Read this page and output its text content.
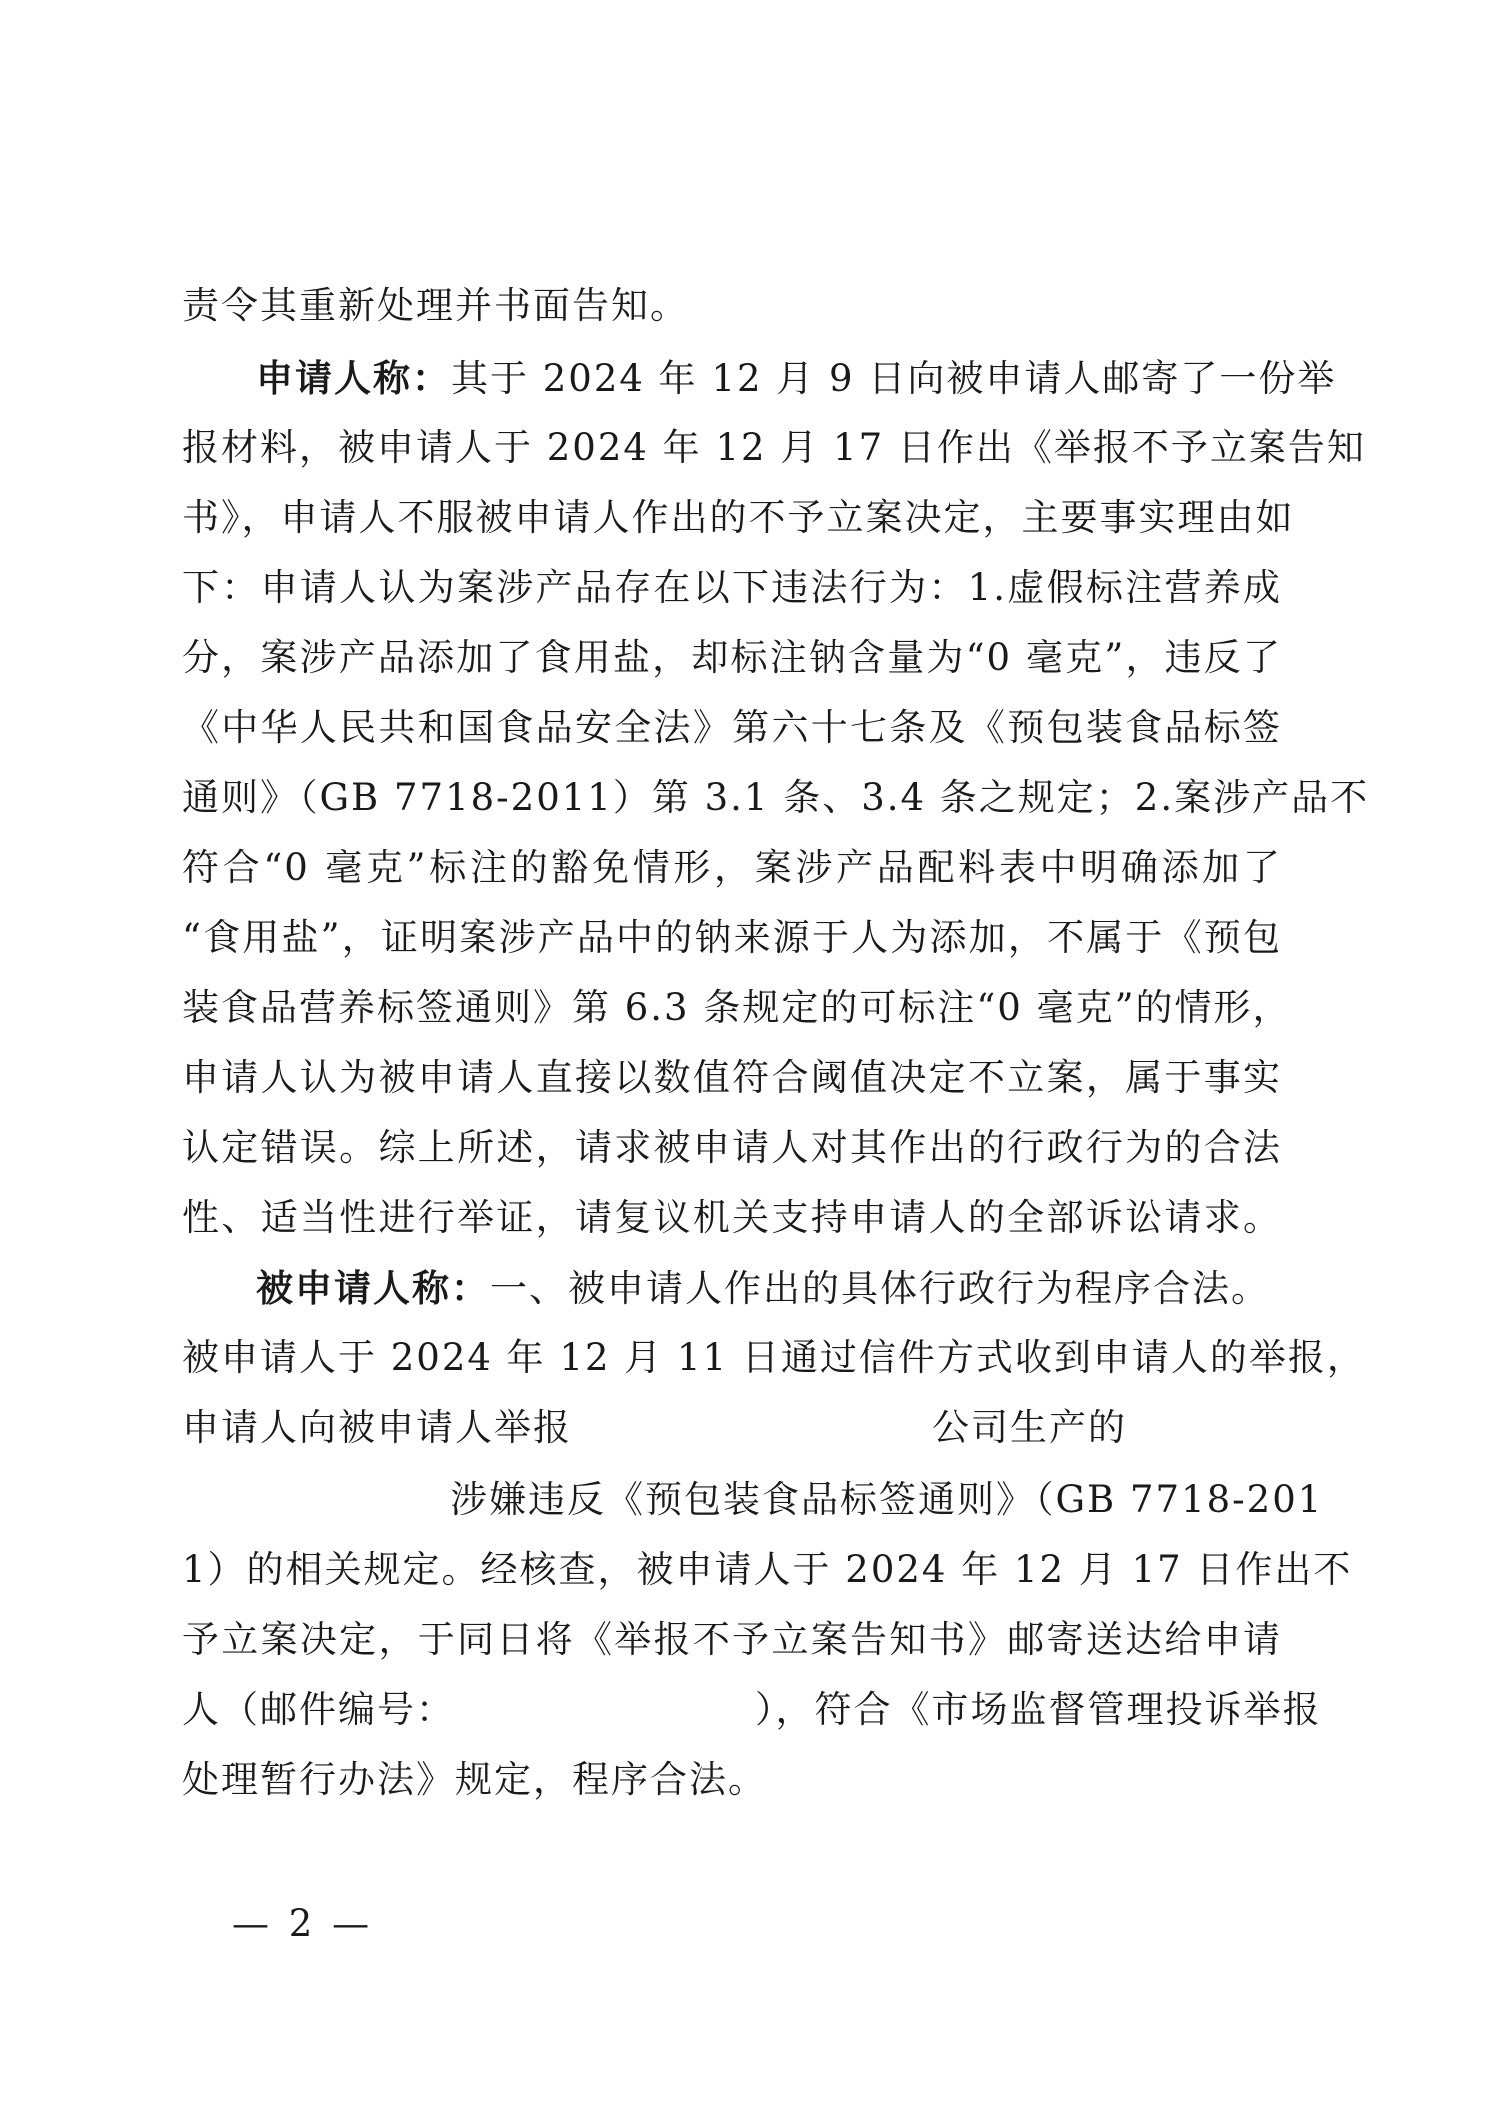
责令其重新处理并书面告知。
申请人称：其于 2024 年 12 月 9 日向被申请人邮寄了一份举
报材料，被申请人于 2024 年 12 月 17 日作出《举报不予立案告知
书》，申请人不服被申请人作出的不予立案决定，主要事实理由如
下：申请人认为案涉产品存在以下违法行为：1.虚假标注营养成
分，案涉产品添加了食用盐，却标注钠含量为“0 毫克”，违反了
《中华人民共和国食品安全法》第六十七条及《预包装食品标签
通则》（GB 7718-2011）第 3.1 条、3.4 条之规定；2.案涉产品不
符合“0 毫克”标注的豁免情形，案涉产品配料表中明确添加了
“食用盐”，证明案涉产品中的钠来源于人为添加，不属于《预包
装食品营养标签通则》第 6.3 条规定的可标注“0 毫克”的情形，
申请人认为被申请人直接以数值符合阈值决定不立案，属于事实
认定错误。综上所述，请求被申请人对其作出的行政行为的合法
性、适当性进行举证，请复议机关支持申请人的全部诉讼请求。
被申请人称：一、被申请人作出的具体行政行为程序合法。
被申请人于 2024 年 12 月 11 日通过信件方式收到申请人的举报，
申请人向被申请人举报	公司生产的
涉嫌违反《预包装食品标签通则》（GB 7718-201
1）的相关规定。经核查，被申请人于 2024 年 12 月 17 日作出不
予立案决定，于同日将《举报不予立案告知书》邮寄送达给申请
人（邮件编号：	），符合《市场监督管理投诉举报
处理暂行办法》规定，程序合法。
— 2 —
